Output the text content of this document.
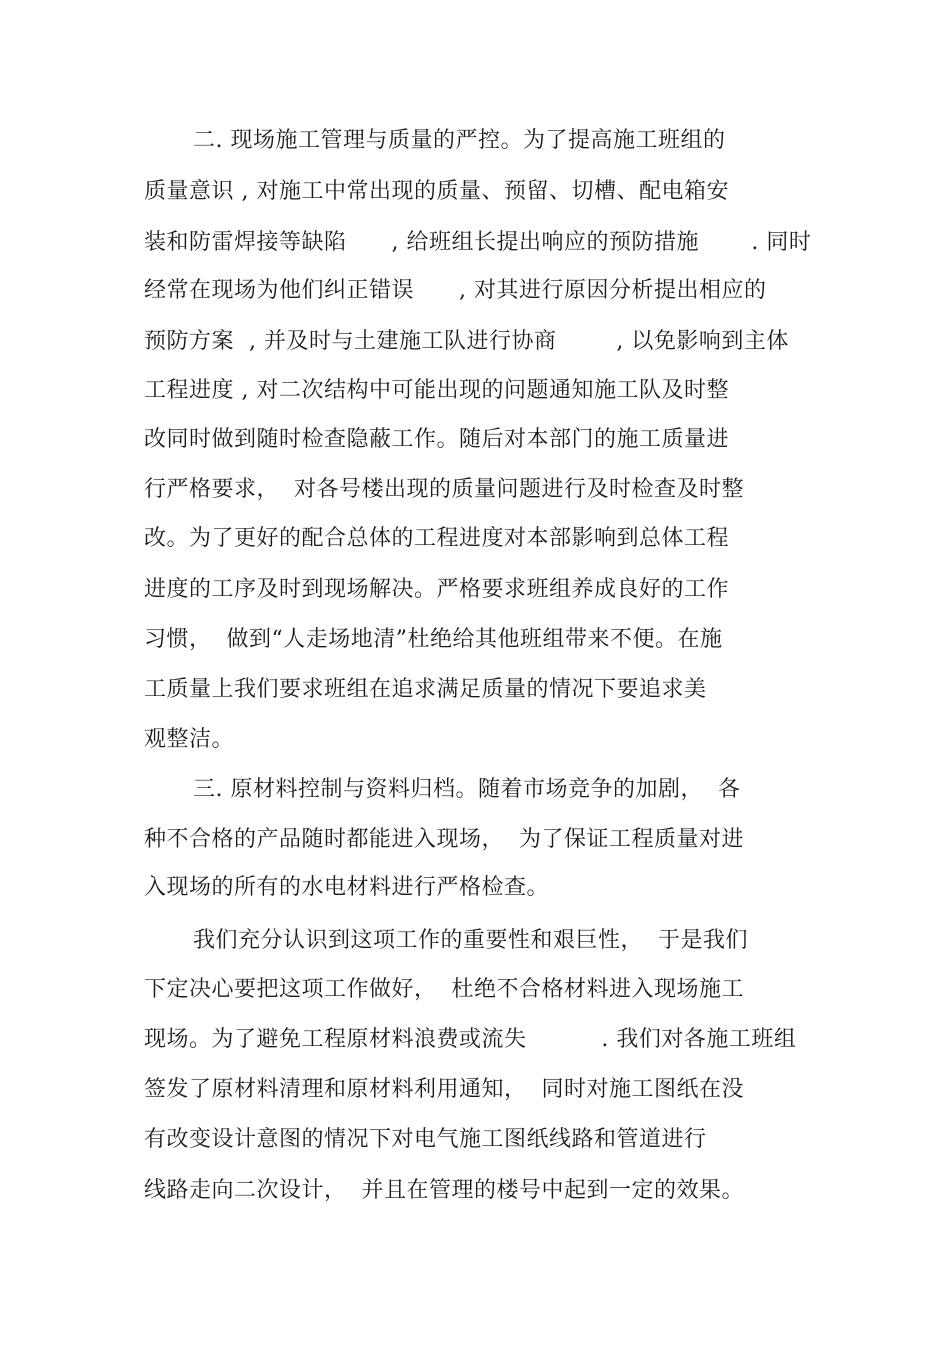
二. 现场施工管理与质量的严控。为了提高施工班组的
质量意识 , 对施工中常出现的质量、预留、切槽、配电箱安
装和防雷焊接等缺陷      , 给班组长提出响应的预防措施       . 同时
经常在现场为他们纠正错误      , 对其进行原因分析提出相应的
预防方案  , 并及时与土建施工队进行协商        , 以免影响到主体
工程进度 , 对二次结构中可能出现的问题通知施工队及时整
改同时做到随时检查隐蔽工作。随后对本部门的施工质量进
行严格要求，  对各号楼出现的质量问题进行及时检查及时整
改。为了更好的配合总体的工程进度对本部影响到总体工程
进度的工序及时到现场解决。严格要求班组养成良好的工作
习惯，  做到“人走场地清”杜绝给其他班组带来不便。在施
工质量上我们要求班组在追求满足质量的情况下要追求美
观整洁。
三. 原材料控制与资料归档。随着市场竞争的加剧，  各
种不合格的产品随时都能进入现场，  为了保证工程质量对进
入现场的所有的水电材料进行严格检查。
我们充分认识到这项工作的重要性和艰巨性，  于是我们
下定决心要把这项工作做好，  杜绝不合格材料进入现场施工
现场。为了避免工程原材料浪费或流失          . 我们对各施工班组
签发了原材料清理和原材料利用通知，  同时对施工图纸在没
有改变设计意图的情况下对电气施工图纸线路和管道进行
线路走向二次设计，  并且在管理的楼号中起到一定的效果。
